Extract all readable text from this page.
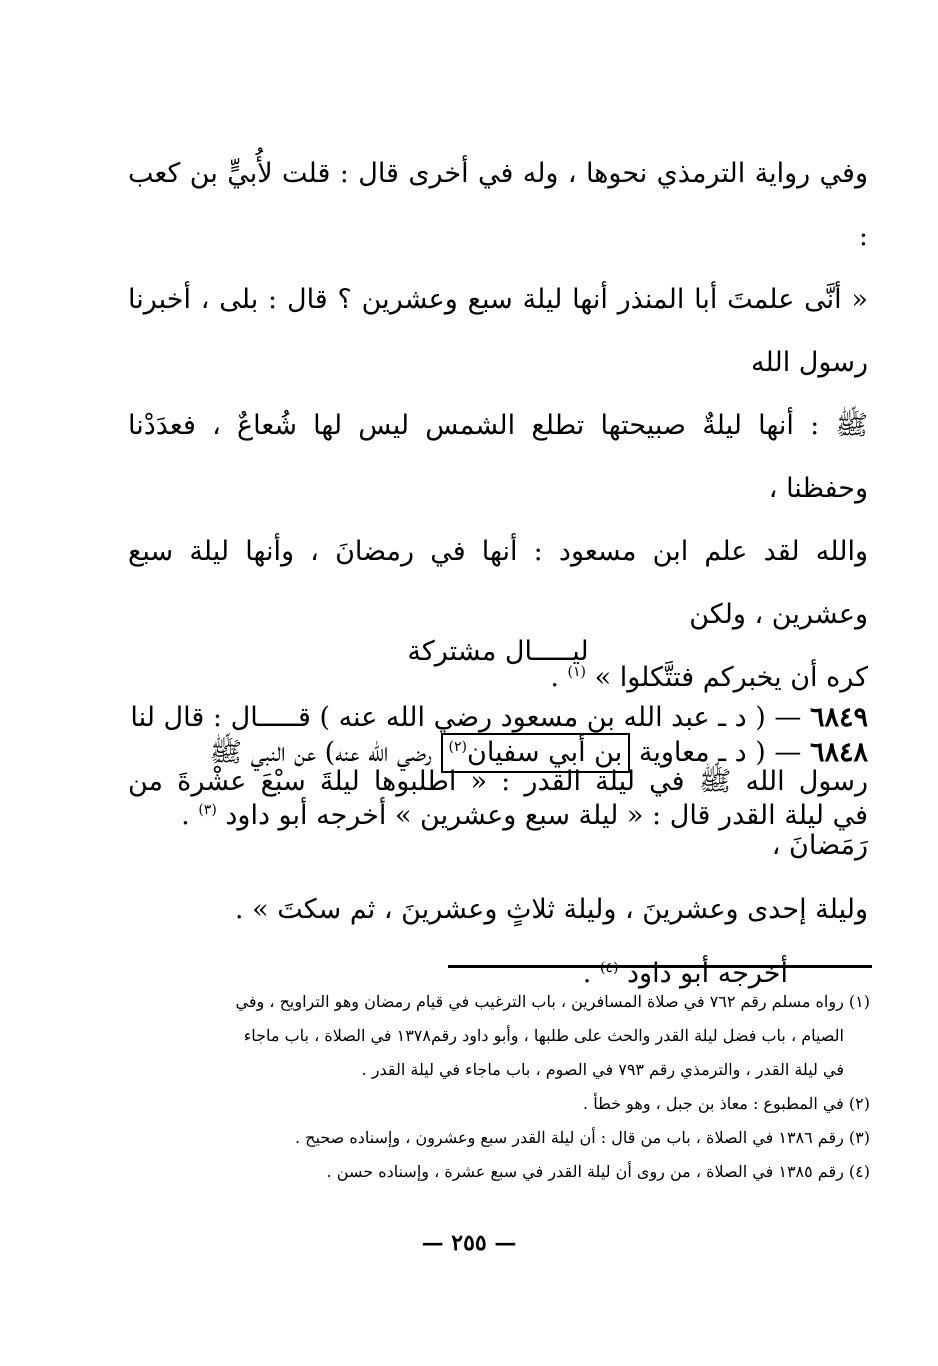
وفي رواية الترمذي نحوها ، وله في أخرى قال : قلت لأُبيٍّ بن كعب :

« أنَّى علمتَ أبا المنذر أنها ليلة سبع وعشرين ؟ قال : بلى ، أخبرنا رسول الله

ﷺ : أنها ليلةٌ صبيحتها تطلع الشمس ليس لها شُعاعٌ ، فعدَدْنا وحفظنا ،

والله لقد علم ابن مسعود : أنها في رمضانَ ، وأنها ليلة سبع وعشرين ، ولكن

كره أن يخبركم فتتَّكلوا » $^{(١)}$ .

٦٨٤٨ — ( د ـ معاوية بن أبي سفيان$^{(٢)}$ رضي الله عنه) عن النبي ﷺ

في ليلة القدر قال : « ليلة سبع وعشرين » أخرجه أبو داود $^{(٣)}$ .

ليـــــال مشتركة

٦٨٤٩ — ( د ـ عبد الله بن مسعود رضي الله عنه ) قـــــال : قال لنا

رسول الله ﷺ في ليلة القدر : « اطلبوها ليلةَ سبْعَ عشْرةَ من رَمَضانَ ،

وليلة إحدى وعشرينَ ، وليلة ثلاثٍ وعشرينَ ، ثم سكتَ » .

أخرجه أبو داود $^{(٤)}$ .

(١) رواه مسلم رقم ٧٦٢ في صلاة المسافرين ، باب الترغيب في قيام رمضان وهو التراويح ، وفي

الصيام ، باب فضل ليلة القدر والحث على طلبها ، وأبو داود رقم١٣٧٨ في الصلاة ، باب ماجاء

في ليلة القدر ، والترمذي رقم ٧٩٣ في الصوم ، باب ماجاء في ليلة القدر .

(٢) في المطبوع : معاذ بن جبل ، وهو خطأ .

(٣) رقم ١٣٨٦ في الصلاة ، باب من قال : أن ليلة القدر سبع وعشرون ، وإسناده صحيح .

(٤) رقم ١٣٨٥ في الصلاة ، من روى أن ليلة القدر في سبع عشرة ، وإسناده حسن .

— ٢٥٥ —
